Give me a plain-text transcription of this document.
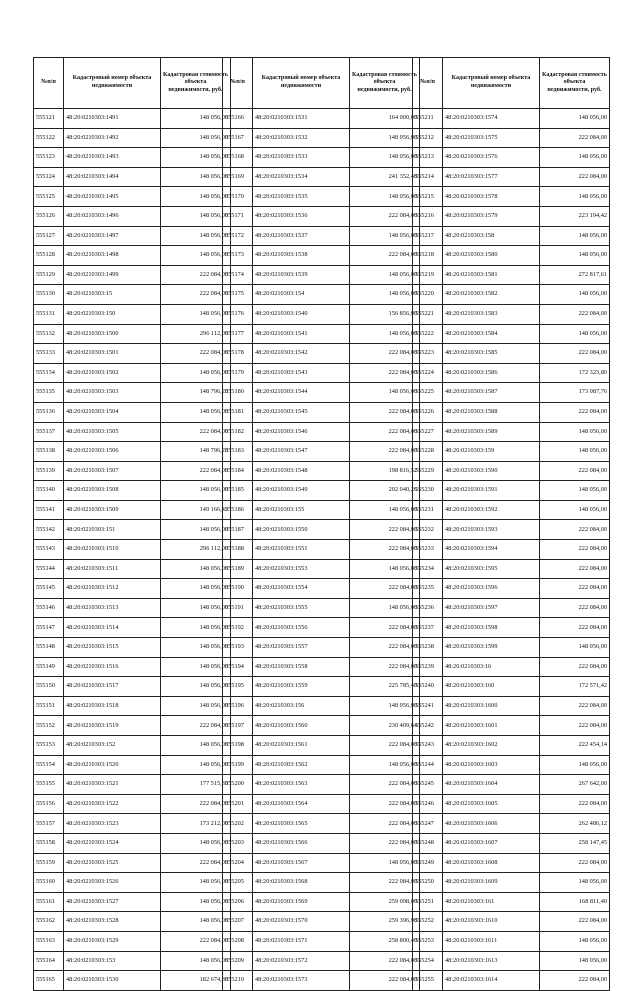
№п/п	Кадастровый номер объекта недвижимости	Кадастровая стоимость объекта недвижимости, руб.
555121	48:20:0210303:1491	148 056,00
555122	48:20:0210303:1492	148 056,00
555123	48:20:0210303:1493	148 056,00
555124	48:20:0210303:1494	148 056,00
555125	48:20:0210303:1495	148 056,00
555126	48:20:0210303:1496	148 056,00
555127	48:20:0210303:1497	148 056,00
555128	48:20:0210303:1498	148 056,00
555129	48:20:0210303:1499	222 084,00
555130	48:20:0210303:15	222 084,00
555131	48:20:0210303:150	148 056,00
555132	48:20:0210303:1500	296 112,00
555133	48:20:0210303:1501	222 084,00
555134	48:20:0210303:1502	148 056,00
555135	48:20:0210303:1503	148 796,28
555136	48:20:0210303:1504	148 056,00
555137	48:20:0210303:1505	222 084,00
555138	48:20:0210303:1506	148 796,28
555139	48:20:0210303:1507	222 084,00
555140	48:20:0210303:1508	148 056,00
555141	48:20:0210303:1509	149 166,42
555142	48:20:0210303:151	148 056,00
555143	48:20:0210303:1510	296 112,00
555144	48:20:0210303:1511	148 056,00
555145	48:20:0210303:1512	148 056,00
555146	48:20:0210303:1513	148 056,00
555147	48:20:0210303:1514	148 056,00
555148	48:20:0210303:1515	148 056,00
555149	48:20:0210303:1516	148 056,00
555150	48:20:0210303:1517	148 056,00
555151	48:20:0210303:1518	148 056,00
555152	48:20:0210303:1519	222 084,00
555153	48:20:0210303:152	148 056,00
555154	48:20:0210303:1520	148 056,00
555155	48:20:0210303:1521	177 515,38
555156	48:20:0210303:1522	222 084,00
555157	48:20:0210303:1523	173 212,00
555158	48:20:0210303:1524	148 056,00
555159	48:20:0210303:1525	222 084,00
555160	48:20:0210303:1526	148 056,00
555161	48:20:0210303:1527	148 056,00
555162	48:20:0210303:1528	148 056,00
555163	48:20:0210303:1529	222 084,00
555164	48:20:0210303:153	148 056,00
555165	48:20:0210303:1530	182 674,80
№п/п	Кадастровый номер объекта недвижимости	Кадастровая стоимость объекта недвижимости, руб.
555166	48:20:0210303:1531	164 000,00
555167	48:20:0210303:1532	148 056,00
555168	48:20:0210303:1533	148 056,00
555169	48:20:0210303:1534	241 352,48
555170	48:20:0210303:1535	148 056,00
555171	48:20:0210303:1536	222 084,00
555172	48:20:0210303:1537	148 056,00
555173	48:20:0210303:1538	222 084,00
555174	48:20:0210303:1539	148 056,00
555175	48:20:0210303:154	148 056,00
555176	48:20:0210303:1540	156 856,00
555177	48:20:0210303:1541	148 056,00
555178	48:20:0210303:1542	222 084,00
555179	48:20:0210303:1543	222 084,00
555180	48:20:0210303:1544	148 056,00
555181	48:20:0210303:1545	222 084,00
555182	48:20:0210303:1546	222 084,00
555183	48:20:0210303:1547	222 084,00
555184	48:20:0210303:1548	198 816,52
555185	48:20:0210303:1549	202 040,26
555186	48:20:0210303:155	148 056,00
555187	48:20:0210303:1550	222 084,00
555188	48:20:0210303:1551	222 084,00
555189	48:20:0210303:1553	148 056,00
555190	48:20:0210303:1554	222 084,00
555191	48:20:0210303:1555	148 056,00
555192	48:20:0210303:1556	222 084,00
555193	48:20:0210303:1557	222 084,00
555194	48:20:0210303:1558	222 084,00
555195	48:20:0210303:1559	225 785,40
555196	48:20:0210303:156	148 056,00
555197	48:20:0210303:1560	230 409,64
555198	48:20:0210303:1561	222 084,00
555199	48:20:0210303:1562	148 056,00
555200	48:20:0210303:1563	222 084,00
555201	48:20:0210303:1564	222 084,00
555202	48:20:0210303:1565	222 084,00
555203	48:20:0210303:1566	222 084,00
555204	48:20:0210303:1567	148 056,00
555205	48:20:0210303:1568	222 084,00
555206	48:20:0210303:1569	259 098,00
555207	48:20:0210303:1570	259 396,98
555208	48:20:0210303:1571	258 800,40
555209	48:20:0210303:1572	222 084,00
555210	48:20:0210303:1573	222 084,00
№п/п	Кадастровый номер объекта недвижимости	Кадастровая стоимость объекта недвижимости, руб.
555211	48:20:0210303:1574	148 056,00
555212	48:20:0210303:1575	222 084,00
555213	48:20:0210303:1576	148 056,00
555214	48:20:0210303:1577	222 084,00
555215	48:20:0210303:1578	148 056,00
555216	48:20:0210303:1579	223 194,42
555217	48:20:0210303:158	148 056,00
555218	48:20:0210303:1580	148 056,00
555219	48:20:0210303:1581	272 817,61
555220	48:20:0210303:1582	148 056,00
555221	48:20:0210303:1583	222 084,00
555222	48:20:0210303:1584	148 056,00
555223	48:20:0210303:1585	222 084,00
555224	48:20:0210303:1586	172 323,80
555225	48:20:0210303:1587	173 087,76
555226	48:20:0210303:1588	222 084,00
555227	48:20:0210303:1589	148 056,00
555228	48:20:0210303:159	148 056,00
555229	48:20:0210303:1590	222 084,00
555230	48:20:0210303:1591	148 056,00
555231	48:20:0210303:1592	148 056,00
555232	48:20:0210303:1593	222 084,00
555233	48:20:0210303:1594	222 084,00
555234	48:20:0210303:1595	222 084,00
555235	48:20:0210303:1596	222 084,00
555236	48:20:0210303:1597	222 084,00
555237	48:20:0210303:1598	222 084,00
555238	48:20:0210303:1599	148 056,00
555239	48:20:0210303:16	222 084,00
555240	48:20:0210303:160	172 571,42
555241	48:20:0210303:1600	222 084,00
555242	48:20:0210303:1601	222 084,00
555243	48:20:0210303:1602	222 454,14
555244	48:20:0210303:1603	148 056,00
555245	48:20:0210303:1604	267 642,00
555246	48:20:0210303:1605	222 084,00
555247	48:20:0210303:1606	262 486,12
555248	48:20:0210303:1607	258 147,45
555249	48:20:0210303:1608	222 084,00
555250	48:20:0210303:1609	148 056,00
555251	48:20:0210303:161	168 811,40
555252	48:20:0210303:1610	222 084,00
555253	48:20:0210303:1611	148 056,00
555254	48:20:0210303:1613	148 056,00
555255	48:20:0210303:1614	222 084,00
